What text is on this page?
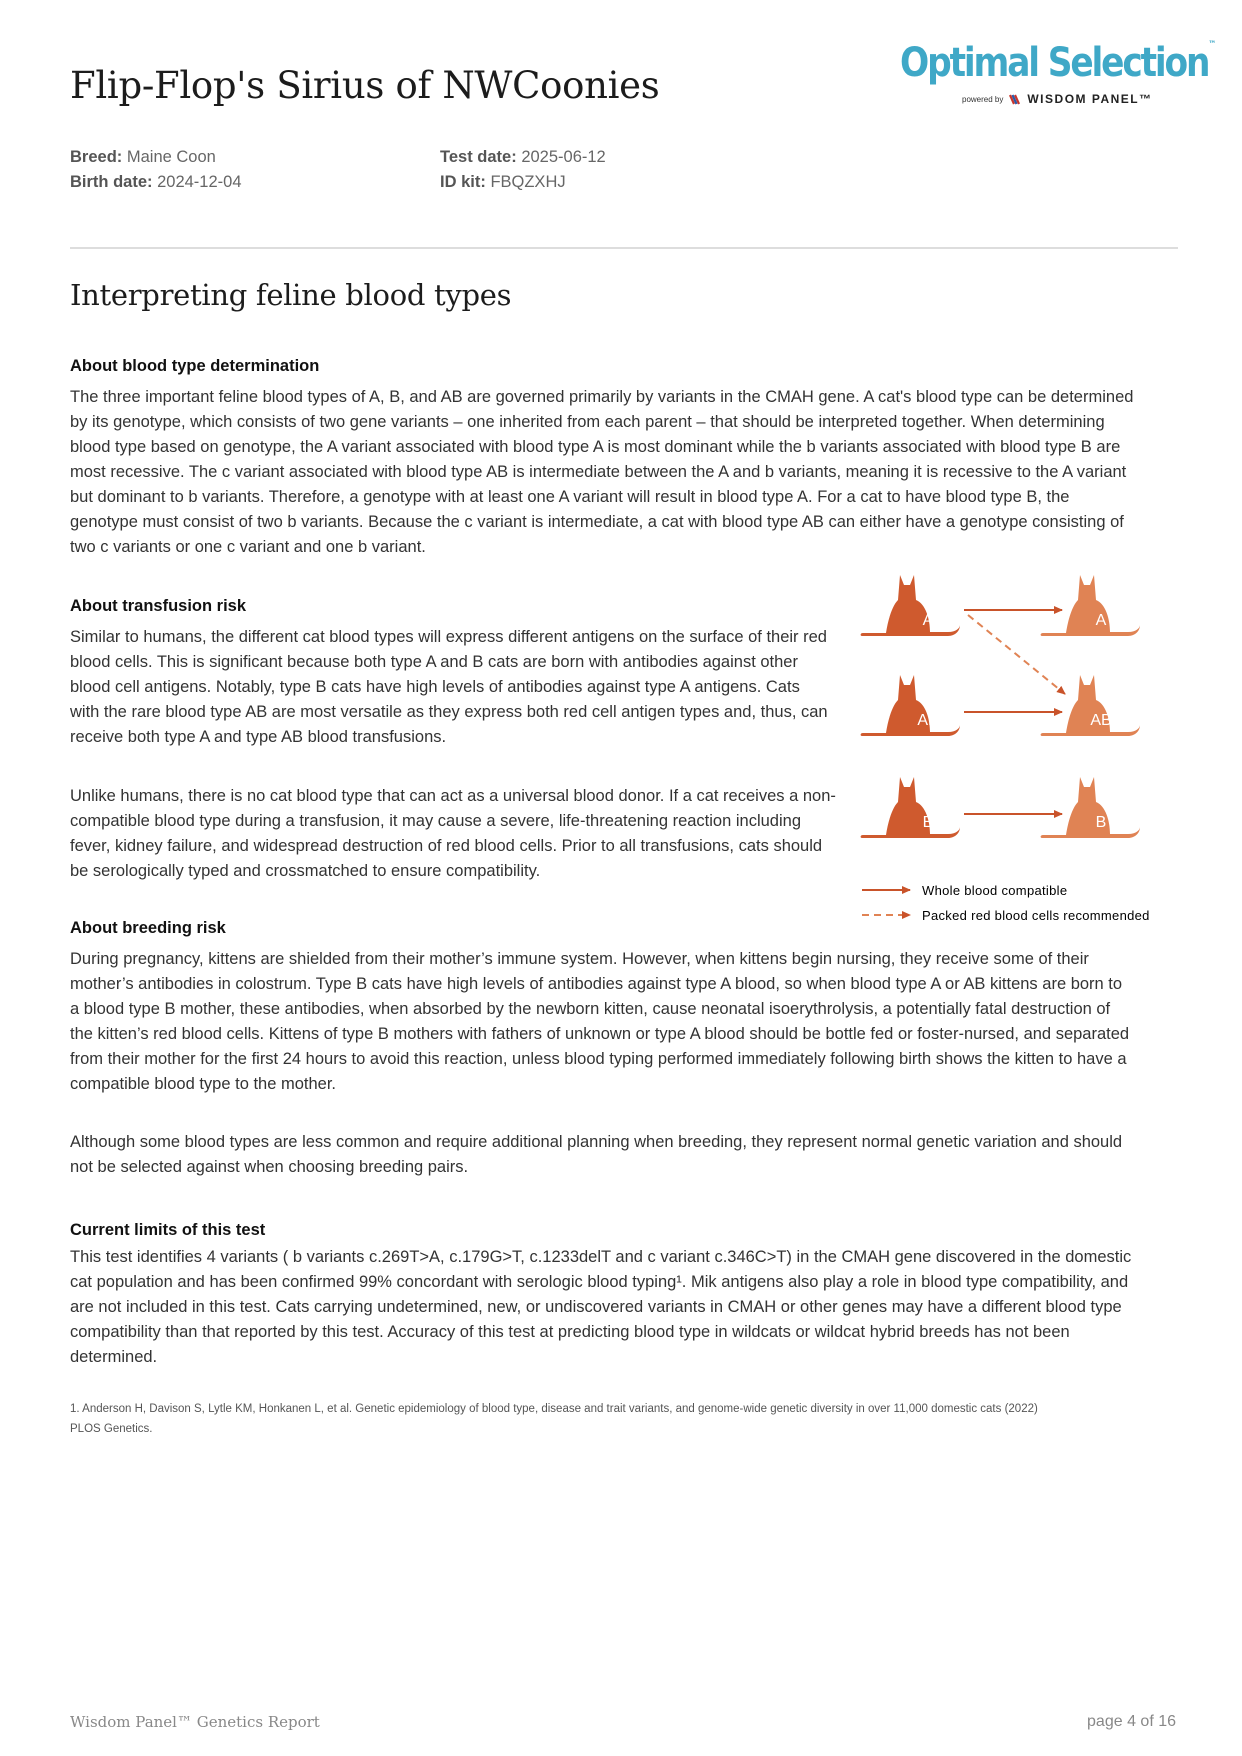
Flip-Flop's Sirius of NWCoonies	Optimal Selection™
powered by WISDOM PANEL™
Breed: Maine Coon
Birth date: 2024-12-04
Test date: 2025-06-12
ID kit: FBQZXHJ
Interpreting feline blood types
About blood type determination

The three important feline blood types of A, B, and AB are governed primarily by variants in the CMAH gene. A cat's blood type can be determined

by its genotype, which consists of two gene variants – one inherited from each parent – that should be interpreted together. When determining

blood type based on genotype, the A variant associated with blood type A is most dominant while the b variants associated with blood type B are

most recessive. The c variant associated with blood type AB is intermediate between the A and b variants, meaning it is recessive to the A variant

but dominant to b variants. Therefore, a genotype with at least one A variant will result in blood type A. For a cat to have blood type B, the

genotype must consist of two b variants. Because the c variant is intermediate, a cat with blood type AB can either have a genotype consisting of

two c variants or one c variant and one b variant.

About transfusion risk

Similar to humans, the different cat blood types will express different antigens on the surface of their red

blood cells. This is significant because both type A and B cats are born with antibodies against other

blood cell antigens. Notably, type B cats have high levels of antibodies against type A antigens. Cats

with the rare blood type AB are most versatile as they express both red cell antigen types and, thus, can

receive both type A and type AB blood transfusions.

Unlike humans, there is no cat blood type that can act as a universal blood donor. If a cat receives a non-

compatible blood type during a transfusion, it may cause a severe, life-threatening reaction including

fever, kidney failure, and widespread destruction of red blood cells. Prior to all transfusions, cats should

be serologically typed and crossmatched to ensure compatibility.

A
AB
B
A
AB
B
Whole blood compatible
Packed red blood cells recommended
About breeding risk

During pregnancy, kittens are shielded from their mother’s immune system. However, when kittens begin nursing, they receive some of their

mother’s antibodies in colostrum. Type B cats have high levels of antibodies against type A blood, so when blood type A or AB kittens are born to

a blood type B mother, these antibodies, when absorbed by the newborn kitten, cause neonatal isoerythrolysis, a potentially fatal destruction of

the kitten’s red blood cells. Kittens of type B mothers with fathers of unknown or type A blood should be bottle fed or foster-nursed, and separated

from their mother for the first 24 hours to avoid this reaction, unless blood typing performed immediately following birth shows the kitten to have a

compatible blood type to the mother.

Although some blood types are less common and require additional planning when breeding, they represent normal genetic variation and should

not be selected against when choosing breeding pairs.

Current limits of this test

This test identifies 4 variants ( b variants c.269T>A, c.179G>T, c.1233delT and c variant c.346C>T) in the CMAH gene discovered in the domestic

cat population and has been confirmed 99% concordant with serologic blood typing¹. Mik antigens also play a role in blood type compatibility, and

are not included in this test. Cats carrying undetermined, new, or undiscovered variants in CMAH or other genes may have a different blood type

compatibility than that reported by this test. Accuracy of this test at predicting blood type in wildcats or wildcat hybrid breeds has not been

determined.

1. Anderson H, Davison S, Lytle KM, Honkanen L, et al. Genetic epidemiology of blood type, disease and trait variants, and genome-wide genetic diversity in over 11,000 domestic cats (2022)

PLOS Genetics.

Wisdom Panel™ Genetics Report	page 4 of 16
